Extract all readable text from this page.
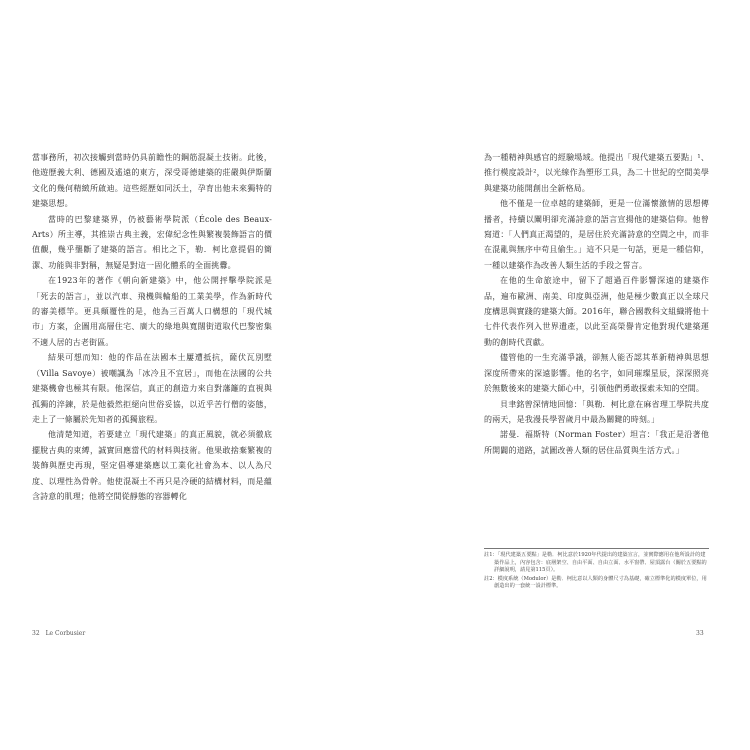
當事務所，初次接觸到當時仍具前瞻性的鋼筋混凝土技術。此後，他遊歷義大利、德國及遙遠的東方，深受哥德建築的莊嚴與伊斯蘭文化的幾何精緻所啟迪。這些經歷如同沃土，孕育出他未來獨特的建築思想。

當時的巴黎建築界，仍被藝術學院派（École des Beaux-Arts）所主導，其推崇古典主義，宏偉紀念性與繁複裝飾語言的價值觀，幾乎壟斷了建築的語言。相比之下，勒．柯比意提倡的簡潔、功能與非對稱，無疑是對這一固化體系的全面挑釁。

在1923年的著作《朝向新建築》中，他公開抨擊學院派是「死去的語言」，並以汽車、飛機與輪船的工業美學，作為新時代的審美標竿。更具顛覆性的是，他為三百萬人口構想的「現代城市」方案，企圖用高層住宅、廣大的綠地與寬闊街道取代巴黎密集不適人居的古老街區。

結果可想而知：他的作品在法國本土屢遭抵抗，薩伏瓦別墅（Villa Savoye）被嘲諷為「冰冷且不宜居」，而他在法國的公共建築機會也極其有限。他深信，真正的創造力來自對藩籬的直視與孤獨的淬鍊，於是他毅然拒絕向世俗妥協，以近乎苦行僧的姿態，走上了一條屬於先知者的孤獨旅程。

他清楚知道，若要建立「現代建築」的真正風貌，就必須徹底擺脫古典的束縛，誠實回應當代的材料與技術。他果敢捨棄繁複的裝飾與歷史再現，堅定倡導建築應以工業化社會為本、以人為尺度、以理性為骨幹。他使混凝土不再只是冷硬的結構材料，而是蘊含詩意的肌理；他將空間從靜態的容器轉化

為一種精神與感官的經驗場域。他提出「現代建築五要點」¹、推行模度設計²，以光線作為塑形工具，為二十世紀的空間美學與建築功能開創出全新格局。

他不僅是一位卓越的建築師，更是一位滿懷激情的思想傳播者，持續以闡明卻充滿詩意的語言宣揚他的建築信仰。他曾寫道：「人們真正渴望的，是居住於充滿詩意的空間之中，而非在混亂與無序中苟且偷生。」這不只是一句話，更是一種信仰，一種以建築作為改善人類生活的手段之誓言。

在他的生命旅途中，留下了超過百件影響深遠的建築作品，遍布歐洲、南美、印度與亞洲，他是極少數真正以全球尺度構思與實踐的建築大師。2016年，聯合國教科文組織將他十七件代表作列入世界遺產，以此至高榮譽肯定他對現代建築運動的創時代貢獻。

儘管他的一生充滿爭議，卻無人能否認其革新精神與思想深度所帶來的深遠影響。他的名字，如同璀璨星辰，深深照亮於無數後來的建築大師心中，引領他們勇敢探索未知的空間。

貝聿銘曾深情地回憶：「與勒．柯比意在麻省理工學院共度的兩天，是我漫長學習歲月中最為關鍵的時刻。」

諾曼．福斯特（Norman Foster）坦言：「我正是沿著他所開闢的道路，試圖改善人類的居住品質與生活方式。」

註1：「現代建築五要點」是勒．柯比意於1920年代提出的建築宣言，並實際應用在他所設計的建築作品上，內容包含：底層架空、自由平面、自由立面、水平窗帶、屋頂露台（關於五要點的詳細說明，請見第115頁）。

註2：模度系統（Modulor）是勒．柯比意以人類的身體尺寸為基礎，確立標準化的模度單位，用創造出的一套統一設計標準。

32 Le Corbusier	33
